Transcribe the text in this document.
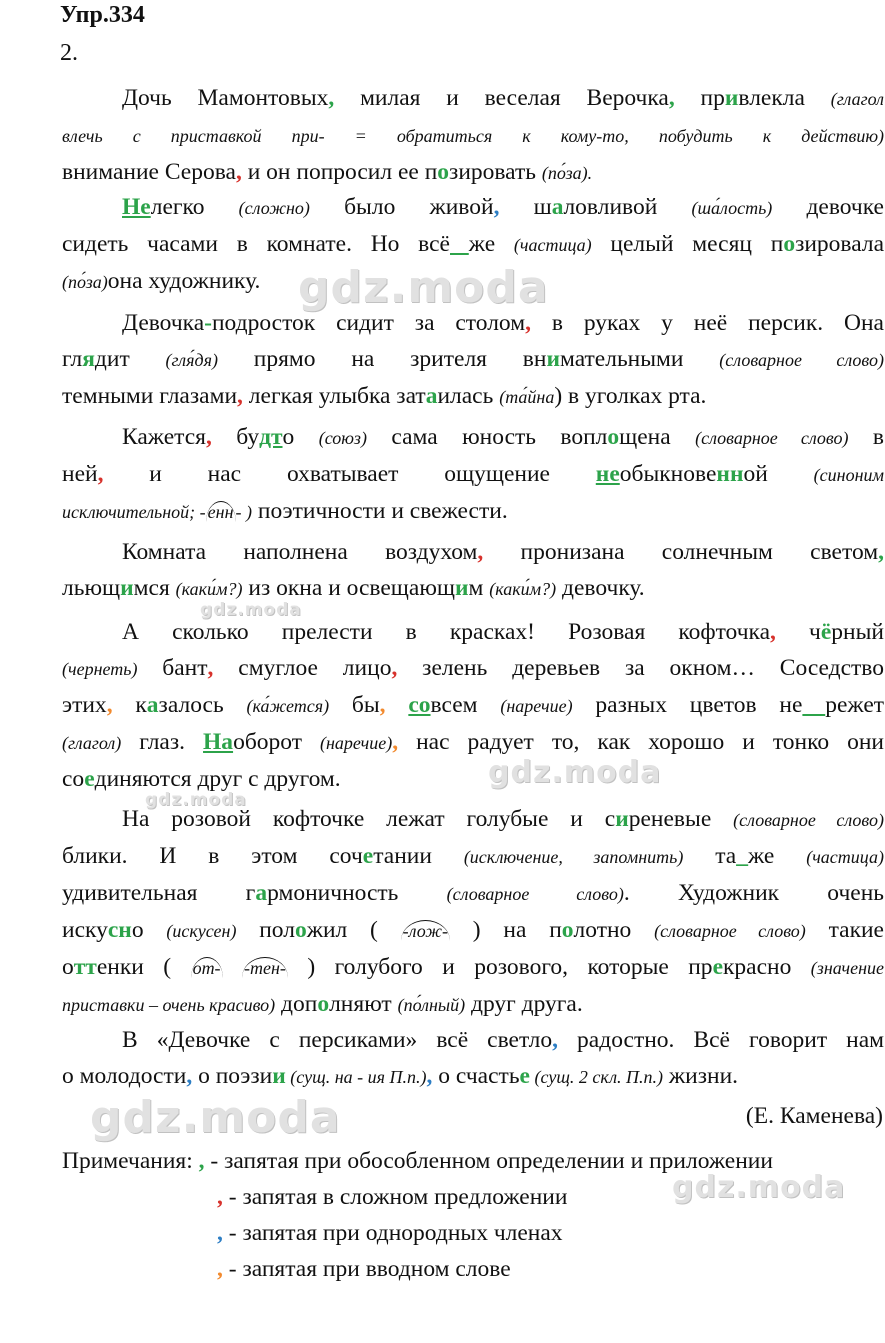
Упр.334
2.
Дочь Мамонтовых, милая и веселая Верочка, привлекла (глагол
влечь с приставкой при- = обратиться к кому-то, побудить к действию)
внимание Серова, и он попросил ее позировать (по́за).
Нелегко (сложно) было живой, шаловливой (ша́лость) девочке
сидеть часами в комнате. Но всё же (частица) целый месяц позировала
(по́за)она художнику.
Девочка-подросток сидит за столом, в руках у неё персик. Она
глядит (гля́дя) прямо на зрителя внимательными (словарное слово)
темными глазами, легкая улыбка затаилась (та́йна) в уголках рта.
Кажется, будто (союз) сама юность воплощена (словарное слово) в
ней, и нас охватывает ощущение необыкновенной (синоним
исключительной; - енн - ) поэтичности и свежести.
Комната наполнена воздухом, пронизана солнечным светом,
льющимся (каки́м?) из окна и освещающим (каки́м?) девочку.
А сколько прелести в красках! Розовая кофточка, чёрный
(чернеть) бант, смуглое лицо, зелень деревьев за окном… Соседство
этих, казалось (ка́жется) бы, совсем (наречие) разных цветов не режет
(глагол) глаз. Наоборот (наречие), нас радует то, как хорошо и тонко они
соединяются друг с другом.
На розовой кофточке лежат голубые и сиреневые (словарное слово)
блики. И в этом сочетании (исключение, запомнить) та_же (частица)
удивительная гармоничность (словарное слово). Художник очень
искусно (искусен) положил ( -лож- ) на полотно (словарное слово) такие
оттенки ( от- -тен- ) голубого и розового, которые прекрасно (значение
приставки – очень красиво) дополняют (по́лный) друг друга.
В «Девочке с персиками» всё светло, радостно. Всё говорит нам
о молодости, о поэзии (сущ. на - ия П.п.), о счастье (сущ. 2 скл. П.п.) жизни.
(Е. Каменева)
Примечания: , - запятая при обособленном определении и приложении
, - запятая в сложном предложении
, - запятая при однородных членах
, - запятая при вводном слове
gdz.moda
gdz.moda
gdz.moda
gdz.moda
gdz.moda
gdz.moda
